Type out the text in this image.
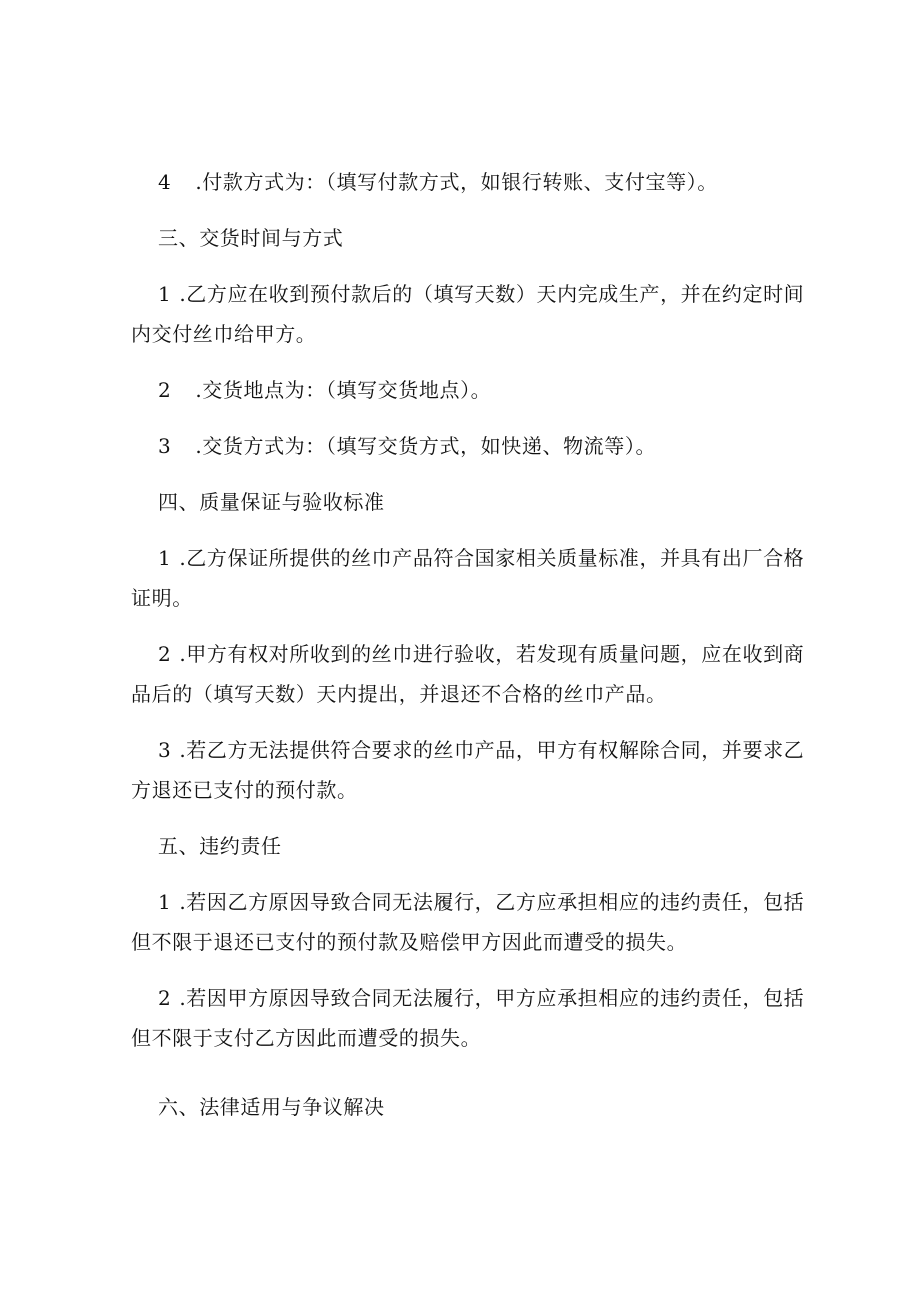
4 .付款方式为：（填写付款方式，如银行转账、支付宝等）。
三、交货时间与方式
1 .乙方应在收到预付款后的（填写天数）天内完成生产，并在约定时间
内交付丝巾给甲方。
2 .交货地点为：（填写交货地点）。
3 .交货方式为：（填写交货方式，如快递、物流等）。
四、质量保证与验收标准
1 .乙方保证所提供的丝巾产品符合国家相关质量标准，并具有出厂合格
证明。
2 .甲方有权对所收到的丝巾进行验收，若发现有质量问题，应在收到商
品后的（填写天数）天内提出，并退还不合格的丝巾产品。
3 .若乙方无法提供符合要求的丝巾产品，甲方有权解除合同，并要求乙
方退还已支付的预付款。
五、违约责任
1 .若因乙方原因导致合同无法履行，乙方应承担相应的违约责任，包括
但不限于退还已支付的预付款及赔偿甲方因此而遭受的损失。
2 .若因甲方原因导致合同无法履行，甲方应承担相应的违约责任，包括
但不限于支付乙方因此而遭受的损失。
六、法律适用与争议解决
